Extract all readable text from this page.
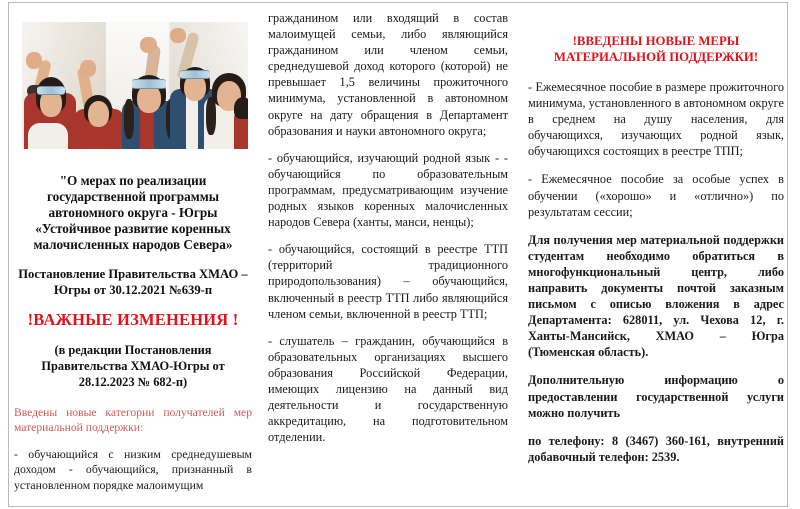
"О мерах по реализации государственной программы автономного округа - Югры «Устойчивое развитие коренных малочисленных народов Севера»
Постановление Правительства ХМАО – Югры от 30.12.2021 №639-п
!ВАЖНЫЕ ИЗМЕНЕНИЯ !
(в редакции Постановления Правительства ХМАО-Югры от 28.12.2023 № 682-п)
Введены новые категории получателей мер материальной поддержки:
- обучающийся с низким среднедушевым доходом - обучающийся, признанный в установленном порядке малоимущим

гражданином или входящий в состав малоимущей семьи, либо являющийся гражданином или членом семьи, среднедушевой доход которого (которой) не превышает 1,5 величины прожиточного минимума, установленной в автономном округе на дату обращения в Департамент образования и науки автономного округа;

- обучающийся, изучающий родной язык - - обучающийся по образовательным программам, предусматривающим изучение родных языков коренных малочисленных народов Севера (ханты, манси, ненцы);

- обучающийся, состоящий в реестре ТТП (территорий традиционного природопользования) – обучающийся, включенный в реестр ТТП либо являющийся членом семьи, включенной в реестр ТТП;

- слушатель – гражданин, обучающийся в образовательных организациях высшего образования Российской Федерации, имеющих лицензию на данный вид деятельности и государственную аккредитацию, на подготовительном отделении.

!ВВЕДЕНЫ НОВЫЕ МЕРЫ МАТЕРИАЛЬНОЙ ПОДДЕРЖКИ!

- Ежемесячное пособие в размере прожиточного минимума, установленного в автономном округе в среднем на душу населения, для обучающихся, изучающих родной язык, обучающихся состоящих в реестре ТПП;

- Ежемесячное пособие за особые успех в обучении («хорошо» и «отлично») по результатам сессии;

Для получения мер материальной поддержки студентам необходимо обратиться в многофункциональный центр, либо направить документы почтой заказным письмом с описью вложения в адрес Департамента: 628011, ул. Чехова 12, г. Ханты-Мансийск, ХМАО – Югра (Тюменская область).

Дополнительную информацию о предоставлении государственной услуги можно получить

по телефону: 8 (3467) 360-161, внутренний добавочный телефон: 2539.
